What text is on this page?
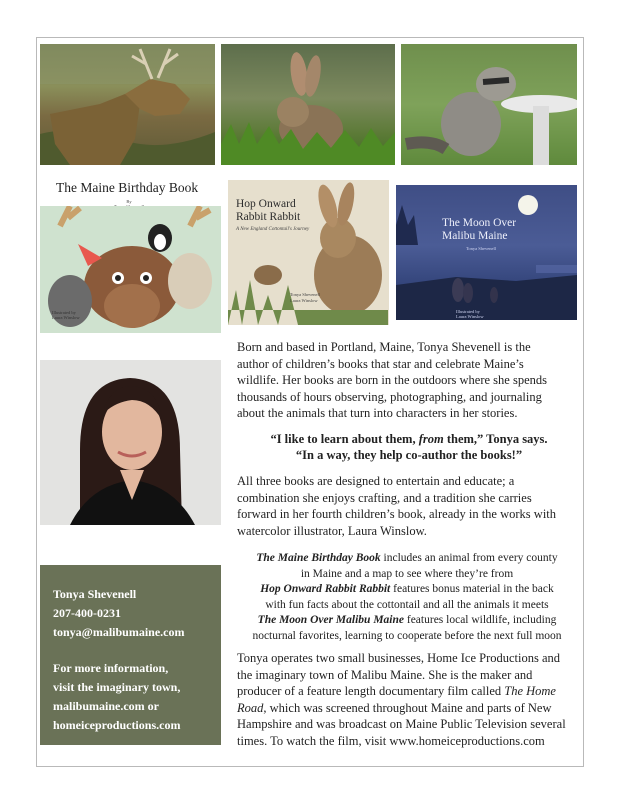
The Maine Birthday Book
By
Illustrated by
Laura Winslow
Hop Onward
Rabbit Rabbit
A New England Cottontail's Journey
Tonya Shevenell
Laura Winslow
The Moon Over
Malibu Maine
Tonya Shevenell
Illustrated by
Laura Winslow
Born and based in Portland, Maine, Tonya Shevenell is the
author of children’s books that star and celebrate Maine’s
wildlife. Her books are born in the outdoors where she spends
thousands of hours observing, photographing, and journaling
about the animals that turn into characters in her stories.
“I like to learn about them, from them,” Tonya says.
“In a way, they help co-author the books!”
All three books are designed to entertain and educate; a
combination she enjoys crafting, and a tradition she carries
forward in her fourth children’s book, already in the works with
watercolor illustrator, Laura Winslow.
The Maine Birthday Book includes an animal from every county
in Maine and a map to see where they’re from
Hop Onward Rabbit Rabbit features bonus material in the back
with fun facts about the cottontail and all the animals it meets
The Moon Over Malibu Maine features local wildlife, including
nocturnal favorites, learning to cooperate before the next full moon
Tonya operates two small businesses, Home Ice Productions and
the imaginary town of Malibu Maine. She is the maker and
producer of a feature length documentary film called The Home
Road, which was screened throughout Maine and parts of New
Hampshire and was broadcast on Maine Public Television several
times. To watch the film, visit www.homeiceproductions.com
Tonya Shevenell
207-400-0231
tonya@malibumaine.com
For more information,
visit the imaginary town,
malibumaine.com or
homeiceproductions.com
